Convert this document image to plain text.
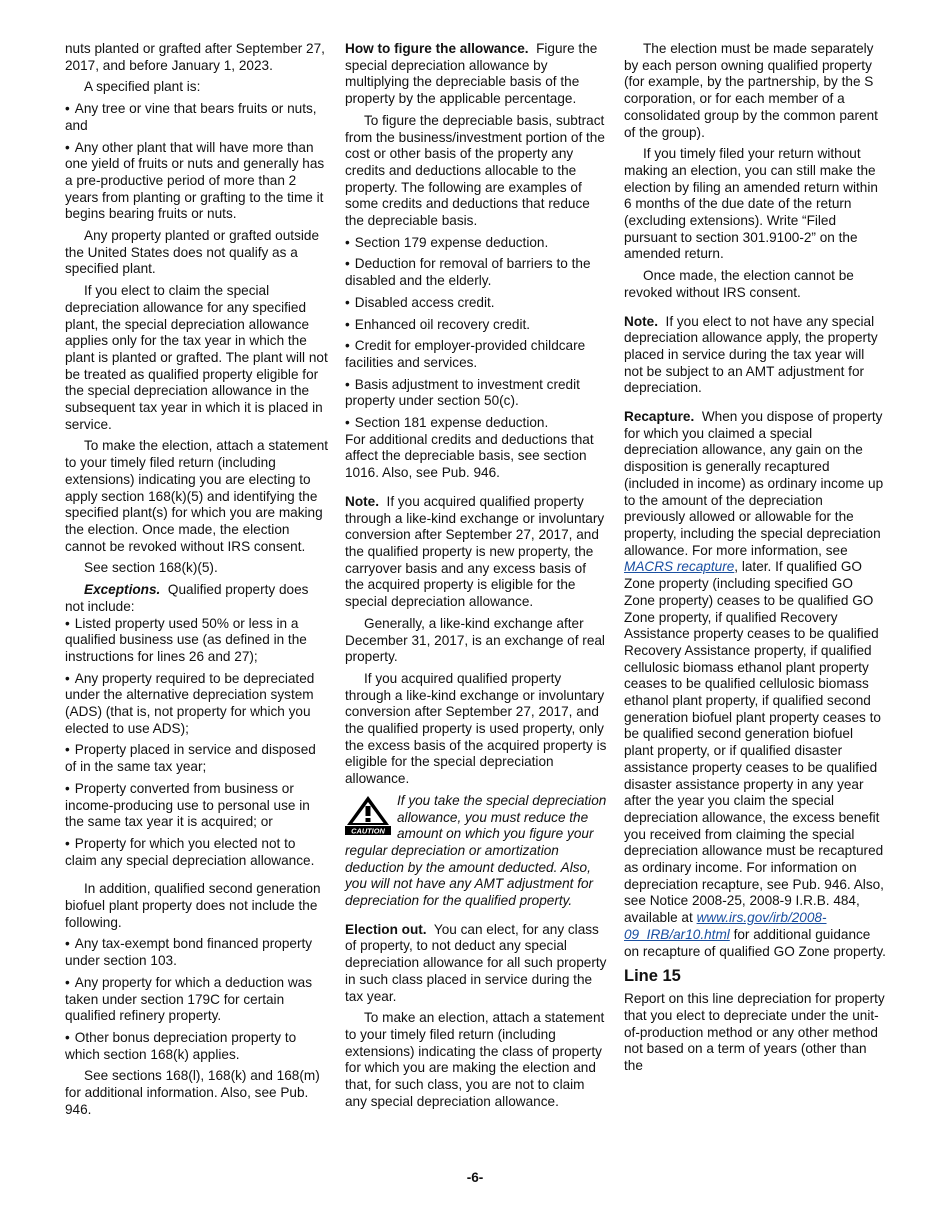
nuts planted or grafted after September 27, 2017, and before January 1, 2023.

A specified plant is:

• Any tree or vine that bears fruits or nuts, and

• Any other plant that will have more than one yield of fruits or nuts and generally has a pre-productive period of more than 2 years from planting or grafting to the time it begins bearing fruits or nuts.

Any property planted or grafted outside the United States does not qualify as a specified plant.

If you elect to claim the special depreciation allowance for any specified plant, the special depreciation allowance applies only for the tax year in which the plant is planted or grafted. The plant will not be treated as qualified property eligible for the special depreciation allowance in the subsequent tax year in which it is placed in service.

To make the election, attach a statement to your timely filed return (including extensions) indicating you are electing to apply section 168(k)(5) and identifying the specified plant(s) for which you are making the election. Once made, the election cannot be revoked without IRS consent.

See section 168(k)(5).

Exceptions. Qualified property does not include:

• Listed property used 50% or less in a qualified business use (as defined in the instructions for lines 26 and 27);

• Any property required to be depreciated under the alternative depreciation system (ADS) (that is, not property for which you elected to use ADS);

• Property placed in service and disposed of in the same tax year;

• Property converted from business or income-producing use to personal use in the same tax year it is acquired; or

• Property for which you elected not to claim any special depreciation allowance.

In addition, qualified second generation biofuel plant property does not include the following.

• Any tax-exempt bond financed property under section 103.

• Any property for which a deduction was taken under section 179C for certain qualified refinery property.

• Other bonus depreciation property to which section 168(k) applies.

See sections 168(l), 168(k) and 168(m) for additional information. Also, see Pub. 946.

How to figure the allowance. Figure the special depreciation allowance by multiplying the depreciable basis of the property by the applicable percentage.

To figure the depreciable basis, subtract from the business/investment portion of the cost or other basis of the property any credits and deductions allocable to the property. The following are examples of some credits and deductions that reduce the depreciable basis.

• Section 179 expense deduction.

• Deduction for removal of barriers to the disabled and the elderly.

• Disabled access credit.

• Enhanced oil recovery credit.

• Credit for employer-provided childcare facilities and services.

• Basis adjustment to investment credit property under section 50(c).

• Section 181 expense deduction.

For additional credits and deductions that affect the depreciable basis, see section 1016. Also, see Pub. 946.

Note. If you acquired qualified property through a like-kind exchange or involuntary conversion after September 27, 2017, and the qualified property is new property, the carryover basis and any excess basis of the acquired property is eligible for the special depreciation allowance.

Generally, a like-kind exchange after December 31, 2017, is an exchange of real property.

If you acquired qualified property through a like-kind exchange or involuntary conversion after September 27, 2017, and the qualified property is used property, only the excess basis of the acquired property is eligible for the special depreciation allowance.

CAUTION
If you take the special depreciation allowance, you must reduce the amount on which you figure your regular depreciation or amortization deduction by the amount deducted. Also, you will not have any AMT adjustment for depreciation for the qualified property.

Election out. You can elect, for any class of property, to not deduct any special depreciation allowance for all such property in such class placed in service during the tax year.

To make an election, attach a statement to your timely filed return (including extensions) indicating the class of property for which you are making the election and that, for such class, you are not to claim any special depreciation allowance.

The election must be made separately by each person owning qualified property (for example, by the partnership, by the S corporation, or for each member of a consolidated group by the common parent of the group).

If you timely filed your return without making an election, you can still make the election by filing an amended return within 6 months of the due date of the return (excluding extensions). Write “Filed pursuant to section 301.9100-2” on the amended return.

Once made, the election cannot be revoked without IRS consent.

Note. If you elect to not have any special depreciation allowance apply, the property placed in service during the tax year will not be subject to an AMT adjustment for depreciation.

Recapture. When you dispose of property for which you claimed a special depreciation allowance, any gain on the disposition is generally recaptured (included in income) as ordinary income up to the amount of the depreciation previously allowed or allowable for the property, including the special depreciation allowance. For more information, see MACRS recapture, later. If qualified GO Zone property (including specified GO Zone property) ceases to be qualified GO Zone property, if qualified Recovery Assistance property ceases to be qualified Recovery Assistance property, if qualified cellulosic biomass ethanol plant property ceases to be qualified cellulosic biomass ethanol plant property, if qualified second generation biofuel plant property ceases to be qualified second generation biofuel plant property, or if qualified disaster assistance property ceases to be qualified disaster assistance property in any year after the year you claim the special depreciation allowance, the excess benefit you received from claiming the special depreciation allowance must be recaptured as ordinary income. For information on depreciation recapture, see Pub. 946. Also, see Notice 2008-25, 2008-9 I.R.B. 484, available at www.irs.gov/irb/2008-09_IRB/ar10.html for additional guidance on recapture of qualified GO Zone property.

Line 15

Report on this line depreciation for property that you elect to depreciate under the unit-of-production method or any other method not based on a term of years (other than the

-6-
